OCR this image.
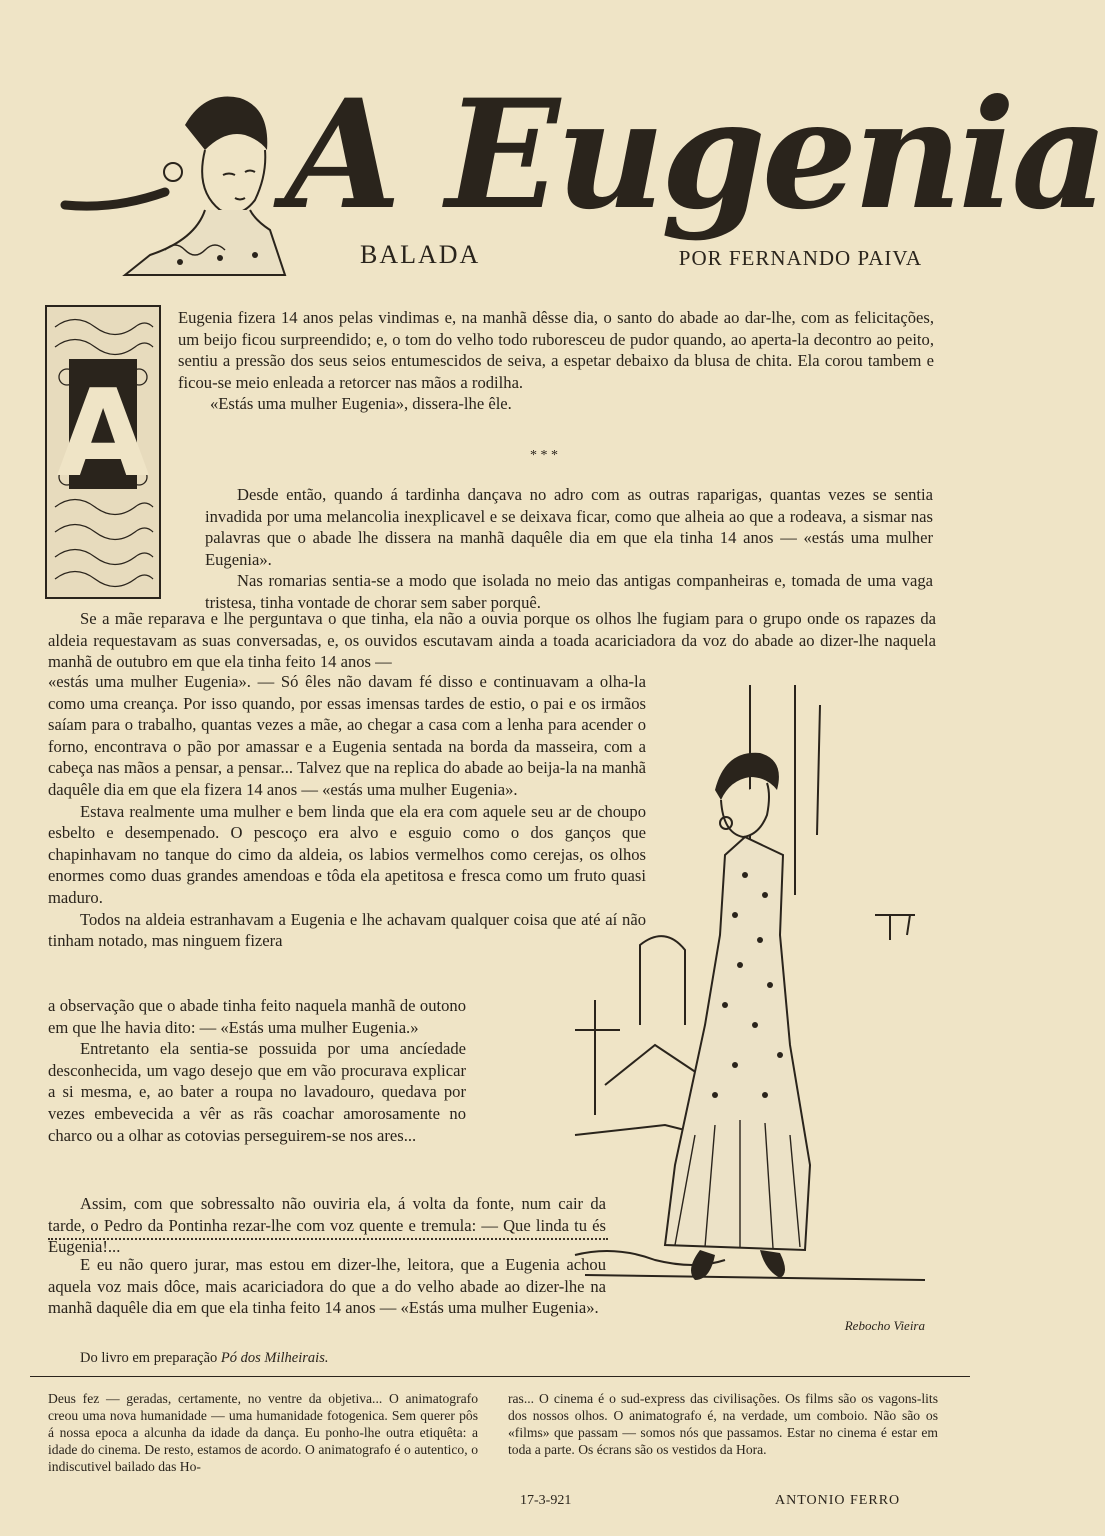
A Eugenia
BALADA	POR FERNANDO PAIVA
A

Eugenia fizera 14 anos pelas vindimas e, na manhã dêsse dia, o santo do abade ao dar-lhe, com as felicitações, um beijo ficou surpreendido; e, o tom do velho todo ruboresceu de pudor quando, ao aperta-la decontro ao peito, sentiu a pressão dos seus seios entumescidos de seiva, a espetar debaixo da blusa de chita. Ela corou tambem e ficou-se meio enleada a retorcer nas mãos a rodilha.

«Estás uma mulher Eugenia», dissera-lhe êle.

* * *

Desde então, quando á tardinha dançava no adro com as outras raparigas, quantas vezes se sentia invadida por uma melancolia inexplicavel e se deixava ficar, como que alheia ao que a rodeava, a sismar nas palavras que o abade lhe dissera na manhã daquêle dia em que ela tinha 14 anos — «estás uma mulher Eugenia».

Nas romarias sentia-se a modo que isolada no meio das antigas companheiras e, tomada de uma vaga tristesa, tinha vontade de chorar sem saber porquê.

Se a mãe reparava e lhe perguntava o que tinha, ela não a ouvia porque os olhos lhe fugiam para o grupo onde os rapazes da aldeia requestavam as suas conversadas, e, os ouvidos escutavam ainda a toada acariciadora da voz do abade ao dizer-lhe naquela manhã de outubro em que ela tinha feito 14 anos —

«estás uma mulher Eugenia». — Só êles não davam fé disso e continuavam a olha-la como uma creança. Por isso quando, por essas imensas tardes de estio, o pai e os irmãos saíam para o trabalho, quantas vezes a mãe, ao chegar a casa com a lenha para acender o forno, encontrava o pão por amassar e a Eugenia sentada na borda da masseira, com a cabeça nas mãos a pensar, a pensar... Talvez que na replica do abade ao beija-la na manhã daquêle dia em que ela fizera 14 anos — «estás uma mulher Eugenia».

Estava realmente uma mulher e bem linda que ela era com aquele seu ar de choupo esbelto e desempenado. O pescoço era alvo e esguio como o dos ganços que chapinhavam no tanque do cimo da aldeia, os labios vermelhos como cerejas, os olhos enormes como duas grandes amendoas e tôda ela apetitosa e fresca como um fruto quasi maduro.

Todos na aldeia estranhavam a Eugenia e lhe achavam qualquer coisa que até aí não tinham notado, mas ninguem fizera

a observação que o abade tinha feito naquela manhã de outono em que lhe havia dito: — «Estás uma mulher Eugenia.»

Entretanto ela sentia-se possuida por uma ancíedade desconhecida, um vago desejo que em vão procurava explicar a si mesma, e, ao bater a roupa no lavadouro, quedava por vezes embevecida a vêr as rãs coachar amorosamente no charco ou a olhar as cotovias perseguirem-se nos ares...

Assim, com que sobressalto não ouviria ela, á volta da fonte, num cair da tarde, o Pedro da Pontinha rezar-lhe com voz quente e tremula: — Que linda tu és Eugenia!...

E eu não quero jurar, mas estou em dizer-lhe, leitora, que a Eugenia achou aquela voz mais dôce, mais acariciadora do que a do velho abade ao dizer-lhe na manhã daquêle dia em que ela tinha feito 14 anos — «Estás uma mulher Eugenia».

Do livro em preparação Pó dos Milheirais.
Rebocho Vieira
Deus fez — geradas, certamente, no ventre da objetiva... O animatografo creou uma nova humanidade — uma humanidade fotogenica. Sem querer pôs á nossa epoca a alcunha da idade da dança. Eu ponho-lhe outra etiquêta: a idade do cinema. De resto, estamos de acordo. O animatografo é o autentico, o indiscutivel bailado das Ho-
ras... O cinema é o sud-express das civilisações. Os films são os vagons-lits dos nossos olhos. O animatografo é, na verdade, um comboio. Não são os «films» que passam — somos nós que passamos. Estar no cinema é estar em toda a parte. Os écrans são os vestidos da Hora.
17-3-921	ANTONIO FERRO
